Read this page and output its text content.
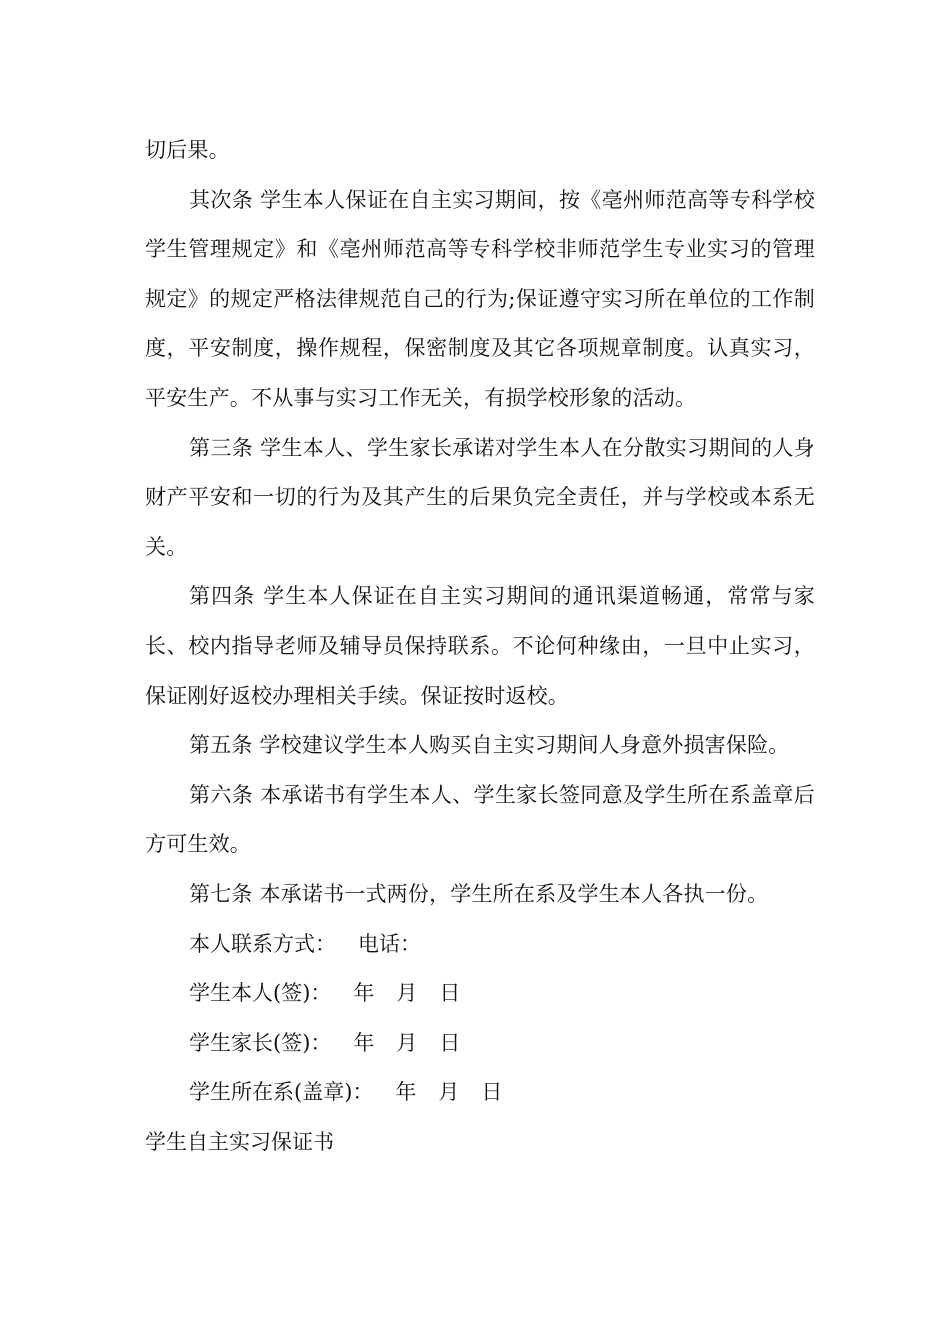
切后果。

其次条 学生本人保证在自主实习期间，按《亳州师范高等专科学校学生管理规定》和《亳州师范高等专科学校非师范学生专业实习的管理规定》的规定严格法律规范自己的行为;保证遵守实习所在单位的工作制度，平安制度，操作规程，保密制度及其它各项规章制度。认真实习，平安生产。不从事与实习工作无关，有损学校形象的活动。

第三条 学生本人、学生家长承诺对学生本人在分散实习期间的人身财产平安和一切的行为及其产生的后果负完全责任，并与学校或本系无关。

第四条 学生本人保证在自主实习期间的通讯渠道畅通，常常与家长、校内指导老师及辅导员保持联系。不论何种缘由，一旦中止实习，保证刚好返校办理相关手续。保证按时返校。

第五条 学校建议学生本人购买自主实习期间人身意外损害保险。

第六条 本承诺书有学生本人、学生家长签同意及学生所在系盖章后方可生效。

第七条 本承诺书一式两份，学生所在系及学生本人各执一份。

本人联系方式： 电话：

学生本人(签)： 年 月 日

学生家长(签)： 年 月 日

学生所在系(盖章)： 年 月 日

学生自主实习保证书
